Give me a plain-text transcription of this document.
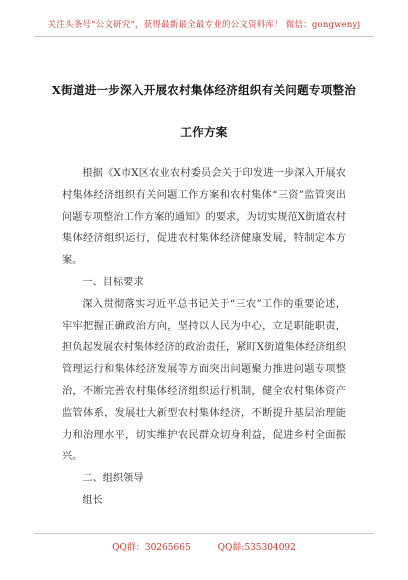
关注头条号“公文研究”，获得最新最全最专业的公文资料库！ 微信：gongwenyj
X街道进一步深入开展农村集体经济组织有关问题专项整治
工作方案

根据《X市X区农业农村委员会关于印发进一步深入开展农村集体经济组织有关问题工作方案和农村集体“三资”监管突出问题专项整治工作方案的通知》的要求，为切实规范X街道农村集体经济组织运行，促进农村集体经济健康发展，特制定本方案。

一、目标要求

深入贯彻落实习近平总书记关于“三农”工作的重要论述，牢牢把握正确政治方向，坚持以人民为中心，立足职能职责，担负起发展农村集体经济的政治责任，紧盯X街道集体经济组织管理运行和集体经济发展等方面突出问题聚力推进问题专项整治，不断完善农村集体经济组织运行机制，健全农村集体资产监管体系，发展壮大新型农村集体经济，不断提升基层治理能力和治理水平，切实维护农民群众切身利益，促进乡村全面振兴。

二、组织领导

组长

QQ群：30265665	QQ群:535304092
